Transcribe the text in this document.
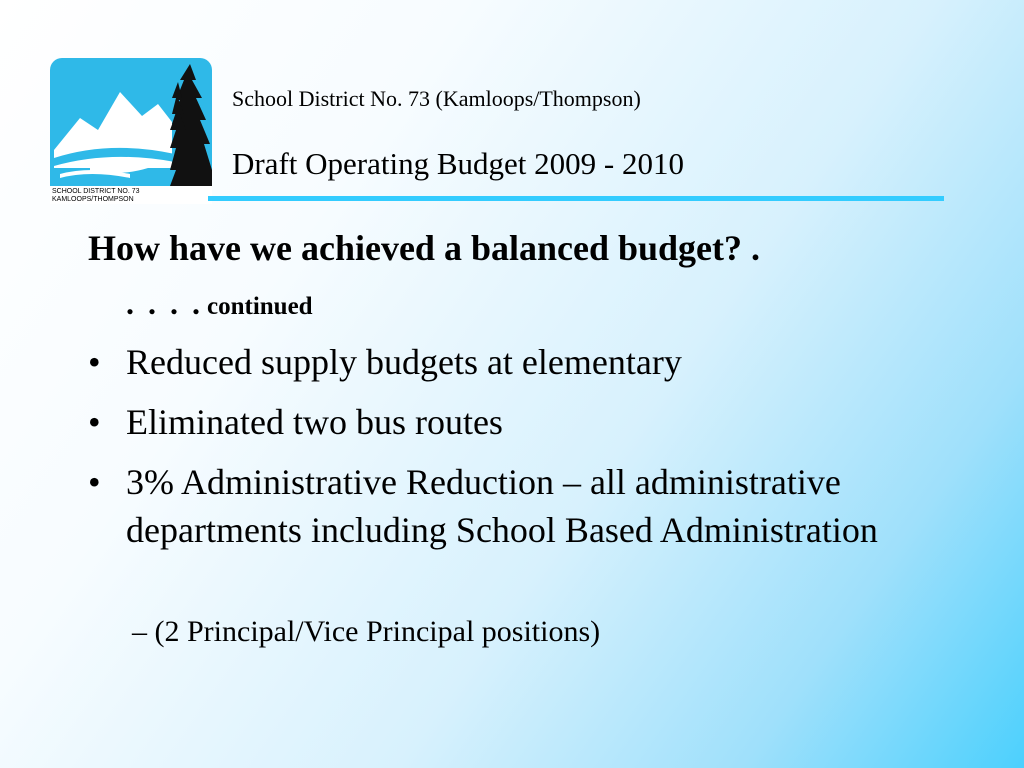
SCHOOL DISTRICT NO. 73
KAMLOOPS/THOMPSON
School District No. 73 (Kamloops/Thompson)
Draft Operating Budget 2009 - 2010
How have we achieved a balanced budget? .
. . . . continued
• Reduced supply budgets at elementary
• Eliminated two bus routes
• 3% Administrative Reduction – all administrative departments including School Based Administration
– (2 Principal/Vice Principal positions)
